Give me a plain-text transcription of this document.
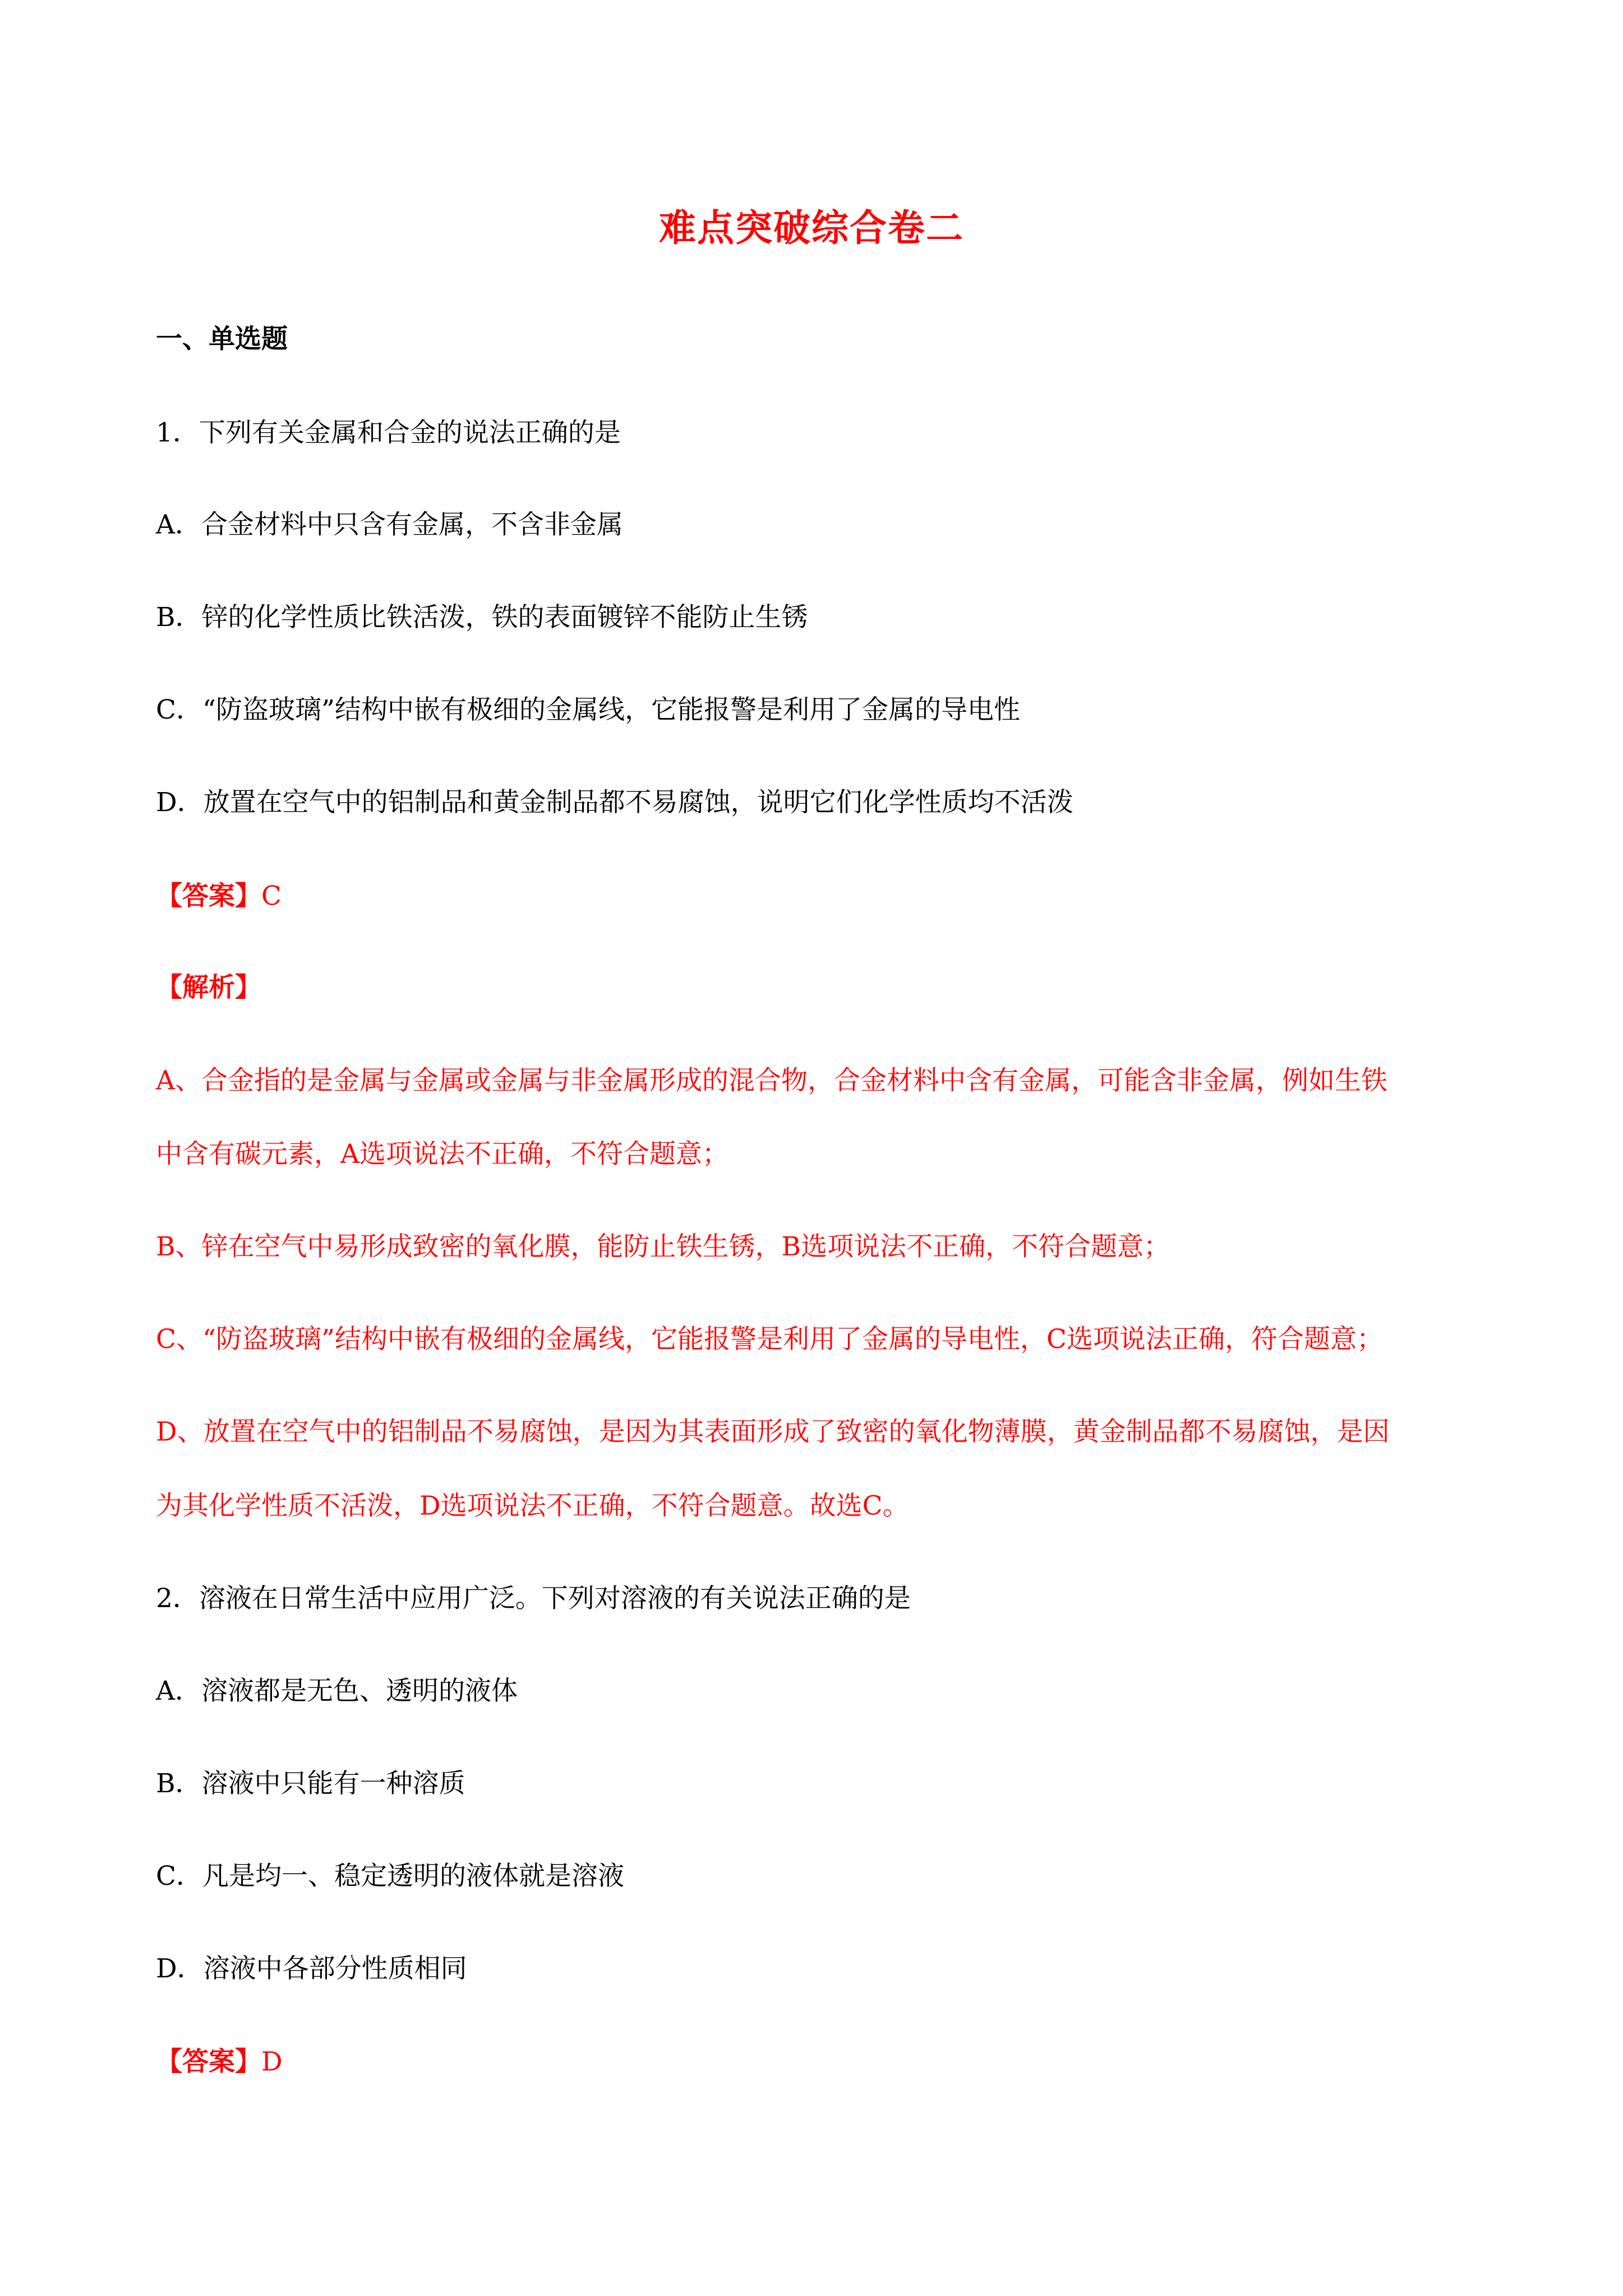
难点突破综合卷二
一、单选题
1．下列有关金属和合金的说法正确的是
A．合金材料中只含有金属，不含非金属
B．锌的化学性质比铁活泼，铁的表面镀锌不能防止生锈
C．“防盗玻璃”结构中嵌有极细的金属线，它能报警是利用了金属的导电性
D．放置在空气中的铝制品和黄金制品都不易腐蚀，说明它们化学性质均不活泼
【答案】C
【解析】
A、合金指的是金属与金属或金属与非金属形成的混合物，合金材料中含有金属，可能含非金属，例如生铁
中含有碳元素，A选项说法不正确，不符合题意；
B、锌在空气中易形成致密的氧化膜，能防止铁生锈，B选项说法不正确，不符合题意；
C、“防盗玻璃”结构中嵌有极细的金属线，它能报警是利用了金属的导电性，C选项说法正确，符合题意；
D、放置在空气中的铝制品不易腐蚀，是因为其表面形成了致密的氧化物薄膜，黄金制品都不易腐蚀，是因
为其化学性质不活泼，D选项说法不正确，不符合题意。故选C。
2．溶液在日常生活中应用广泛。下列对溶液的有关说法正确的是
A．溶液都是无色、透明的液体
B．溶液中只能有一种溶质
C．凡是均一、稳定透明的液体就是溶液
D．溶液中各部分性质相同
【答案】D
